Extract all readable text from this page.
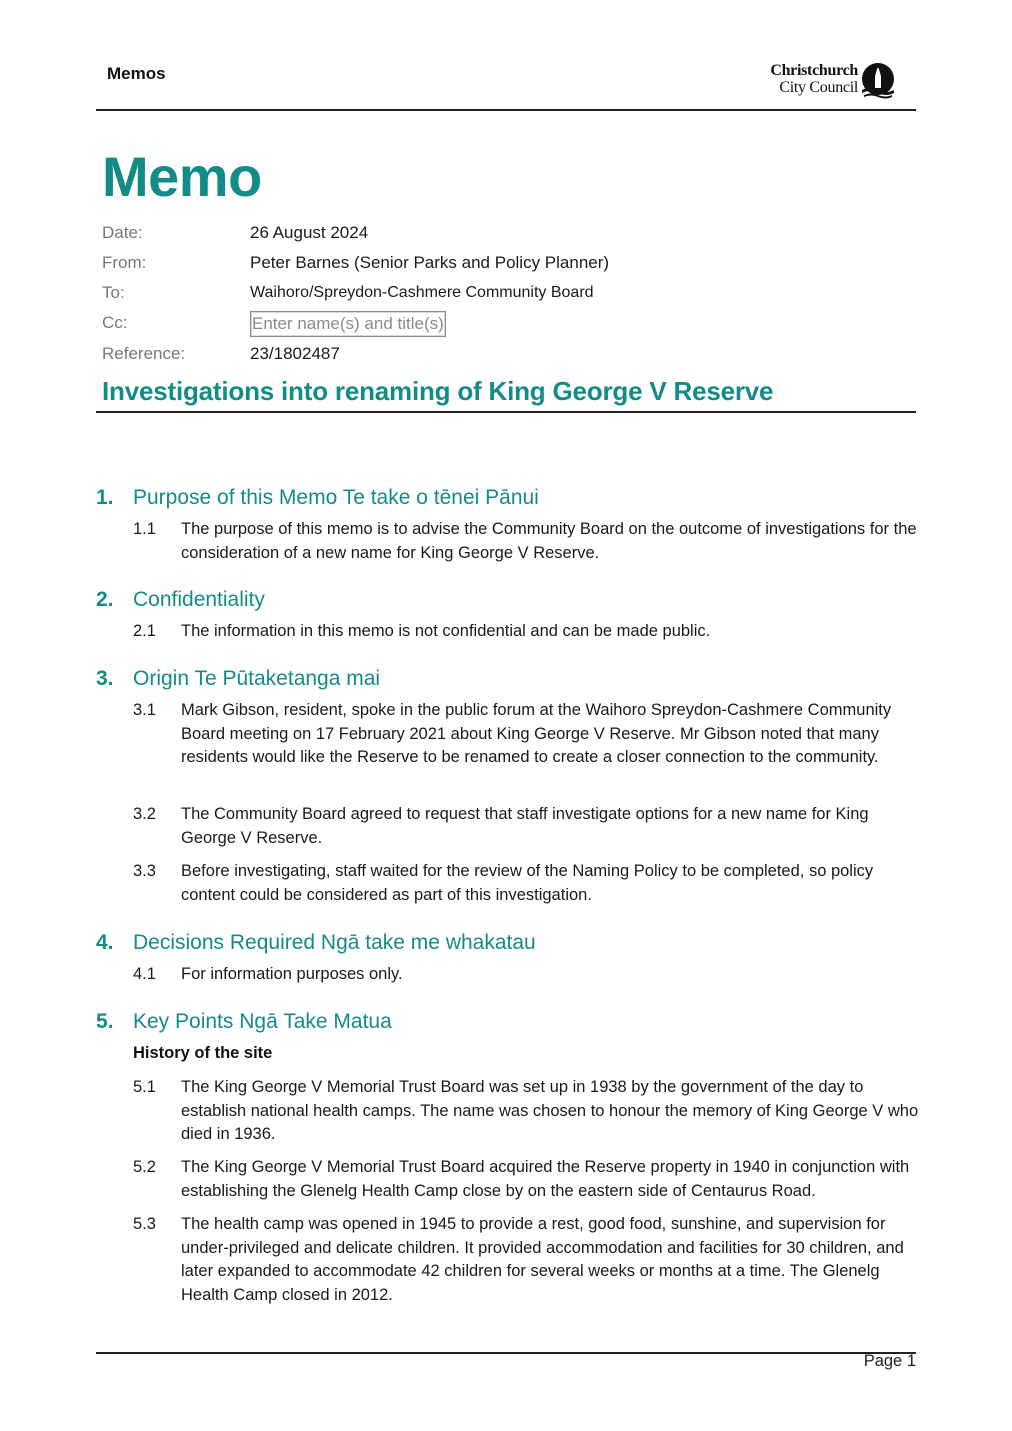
Memos	Christchurch
City Council
Memo
Date:	26 August 2024
From:	Peter Barnes (Senior Parks and Policy Planner)
To:	Waihoro/Spreydon-Cashmere Community Board
Cc:	Enter name(s) and title(s)
Reference:	23/1802487
Investigations into renaming of King George V Reserve
1. Purpose of this Memo Te take o tēnei Pānui
1.1	The purpose of this memo is to advise the Community Board on the outcome of investigations for the consideration of a new name for King George V Reserve.
2. Confidentiality
2.1	The information in this memo is not confidential and can be made public.
3. Origin Te Pūtaketanga mai
3.1	Mark Gibson, resident, spoke in the public forum at the Waihoro Spreydon-Cashmere Community Board meeting on 17 February 2021 about King George V Reserve. Mr Gibson noted that many residents would like the Reserve to be renamed to create a closer connection to the community.
3.2	The Community Board agreed to request that staff investigate options for a new name for King George V Reserve.
3.3	Before investigating, staff waited for the review of the Naming Policy to be completed, so policy content could be considered as part of this investigation.
4. Decisions Required Ngā take me whakatau
4.1	For information purposes only.
5. Key Points Ngā Take Matua
History of the site
5.1	The King George V Memorial Trust Board was set up in 1938 by the government of the day to establish national health camps. The name was chosen to honour the memory of King George V who died in 1936.
5.2	The King George V Memorial Trust Board acquired the Reserve property in 1940 in conjunction with establishing the Glenelg Health Camp close by on the eastern side of Centaurus Road.
5.3	The health camp was opened in 1945 to provide a rest, good food, sunshine, and supervision for under-privileged and delicate children. It provided accommodation and facilities for 30 children, and later expanded to accommodate 42 children for several weeks or months at a time. The Glenelg Health Camp closed in 2012.
Page 1
